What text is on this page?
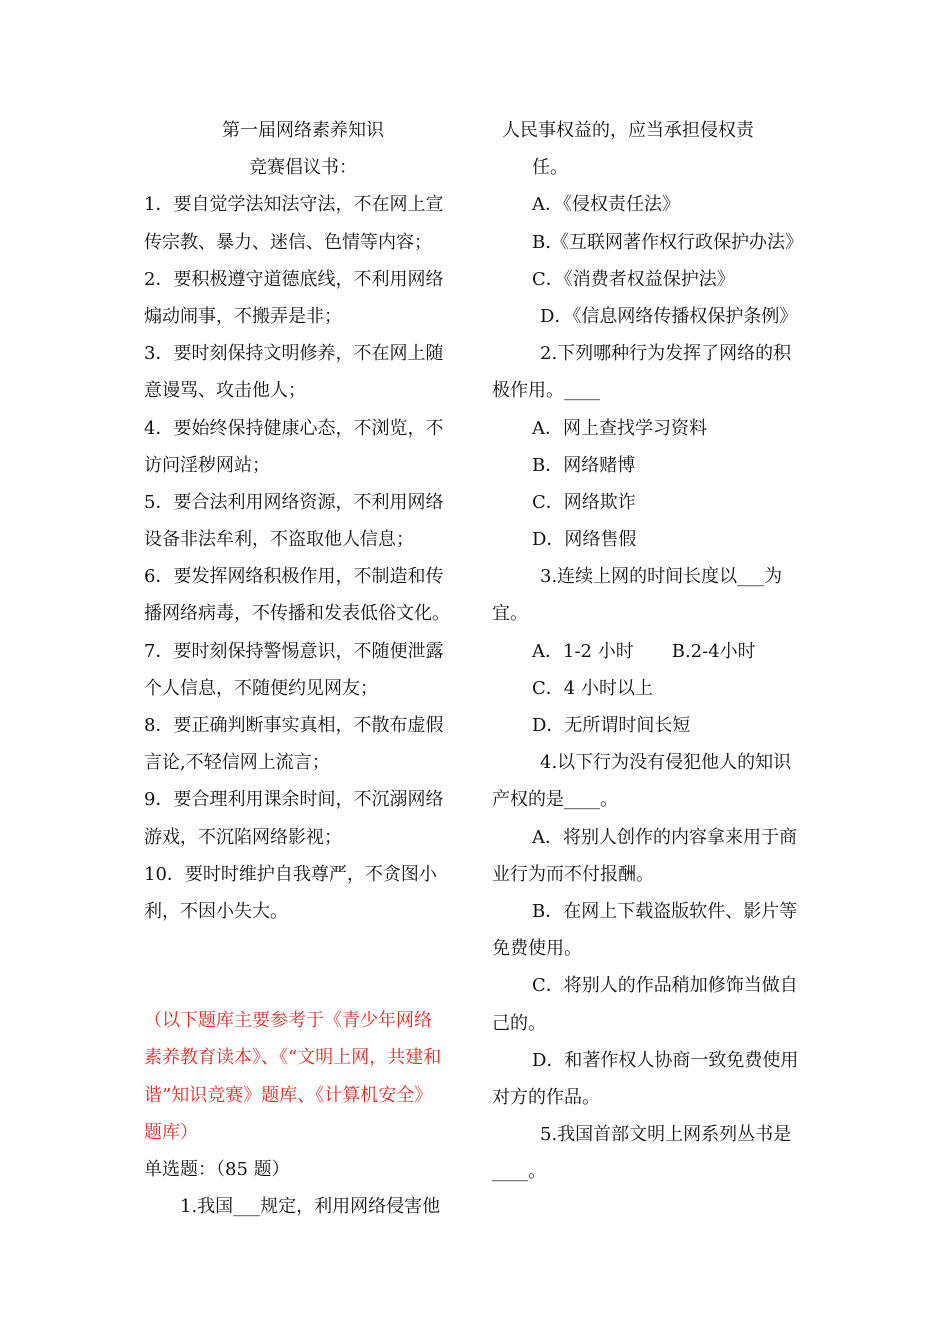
第一届网络素养知识
竞赛倡议书：
1．要自觉学法知法守法，不在网上宣
传宗教、暴力、迷信、色情等内容；
2．要积极遵守道德底线，不利用网络
煽动闹事，不搬弄是非；
3．要时刻保持文明修养，不在网上随
意谩骂、攻击他人；
4．要始终保持健康心态，不浏览，不
访问淫秽网站；
5．要合法利用网络资源，不利用网络
设备非法牟利，不盗取他人信息；
6．要发挥网络积极作用，不制造和传
播网络病毒，不传播和发表低俗文化。
7．要时刻保持警惕意识，不随便泄露
个人信息，不随便约见网友；
8．要正确判断事实真相，不散布虚假
言论,不轻信网上流言；
9．要合理利用课余时间，不沉溺网络
游戏，不沉陷网络影视；
10．要时时维护自我尊严，不贪图小
利，不因小失大。
（以下题库主要参考于《青少年网络
素养教育读本》、《“文明上网，共建和
谐”知识竞赛》题库、《计算机安全》
题库）
单选题：（85 题）
1.我国___规定，利用网络侵害他
人民事权益的，应当承担侵权责
任。
A．《侵权责任法》
B.《互联网著作权行政保护办法》
C．《消费者权益保护法》
D．《信息网络传播权保护条例》
2.下列哪种行为发挥了网络的积
极作用。____
A．网上查找学习资料
B．网络赌博
C．网络欺诈
D．网络售假
3.连续上网的时间长度以___为
宜。
A．1-2 小时 B.2-4小时
C．4 小时以上
D．无所谓时间长短
4.以下行为没有侵犯他人的知识
产权的是____。
A．将别人创作的内容拿来用于商
业行为而不付报酬。
B．在网上下载盗版软件、影片等
免费使用。
C．将别人的作品稍加修饰当做自
己的。
D．和著作权人协商一致免费使用
对方的作品。
5.我国首部文明上网系列丛书是
____。
